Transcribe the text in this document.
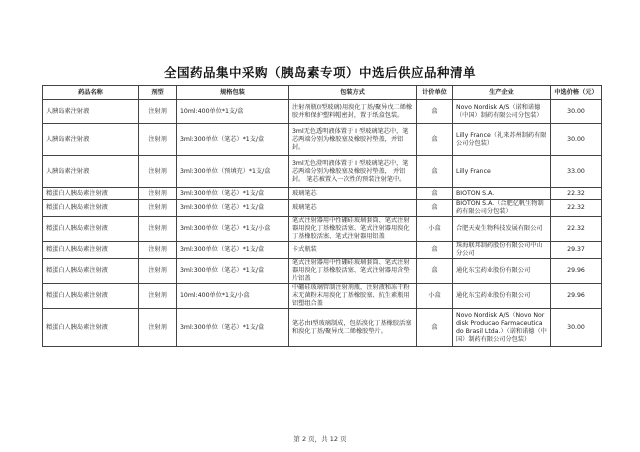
全国药品集中采购（胰岛素专项）中选后供应品种清单
药品名称	剂型	规格包装	包装方式	计价单位	生产企业	中选价格（元）
人胰岛素注射液	注射剂	10ml:400单位*1支/盒	注射剂瓶(I型玻璃)用溴化丁基/聚异戊二烯橡胶并和保护塑料帽密封，置于纸盒包装。	盒	Novo Nordisk A/S（诺和诺德（中国）制药有限公司分包装）	30.00
人胰岛素注射液	注射剂	3ml:300单位（笔芯）*1支/盒	3ml无色透明液体置于 I 型玻璃笔芯中，笔芯两端分别为橡胶塞及橡胶衬垫盖，并铝封。	盒	Lilly France（礼来苏州制药有限公司分包装）	30.00
人胰岛素注射液	注射剂	3ml:300单位（预填充）*1支/盒	3ml无色澄明液体置于 I 型玻璃笔芯中，笔芯两端分别为橡胶塞及橡胶衬垫盖， 并铝封。 笔芯被置入一次性的预装注射笔中。	盒	Lilly France	33.00
精蛋白人胰岛素注射液	注射剂	3ml:300单位（笔芯）*1支/盒	玻璃笔芯	盒	BIOTON S.A.	22.32
精蛋白人胰岛素注射液	注射剂	3ml:300单位（笔芯）*1支/盒	玻璃笔芯	盒	BIOTON S.A.（合肥亿帆生物制药有限公司分包装）	22.32
精蛋白人胰岛素注射液	注射剂	3ml:300单位（笔芯）*1支/小盒	笔式注射器用中性硼硅玻璃套筒、笔式注射器用溴化丁基橡胶活塞、笔式注射器用溴化丁基橡胶活塞、笔式注射器用铝盖	小盒	合肥天麦生物科技发展有限公司	22.32
精蛋白人胰岛素注射液	注射剂	3ml:300单位（笔芯）*1支/盒	卡式瓶装	盒	珠海联邦制药股份有限公司中山分公司	29.37
精蛋白人胰岛素注射液	注射剂	3ml:300单位（笔芯）*1支/盒	笔式注射器用中性硼硅玻璃套筒、笔式注射器用溴化丁基橡胶活塞、笔式注射器用含垫片铝盖	盒	通化东宝药业股份有限公司	29.96
精蛋白人胰岛素注射液	注射剂	10ml:400单位*1支/小盒	中硼硅玻璃管制注射剂瓶，注射液和冻干粉末无菌粉末用溴化丁基橡胶塞、抗生素瓶用铝塑组合盖	小盒	通化东宝药业股份有限公司	29.96
精蛋白人胰岛素注射液	注射剂	3ml:300单位（笔芯）*1支/盒	笔芯由I型玻璃制成，包括溴化丁基橡胶活塞和溴化丁基/聚异戊二烯橡胶垫片。	盒	Novo Nordisk A/S（Novo Nordisk Producao Farmaceutica do Brasil Ltda.）（诺和诺德（中国）制药有限公司分包装）	30.00
第 2 页，共 12 页
